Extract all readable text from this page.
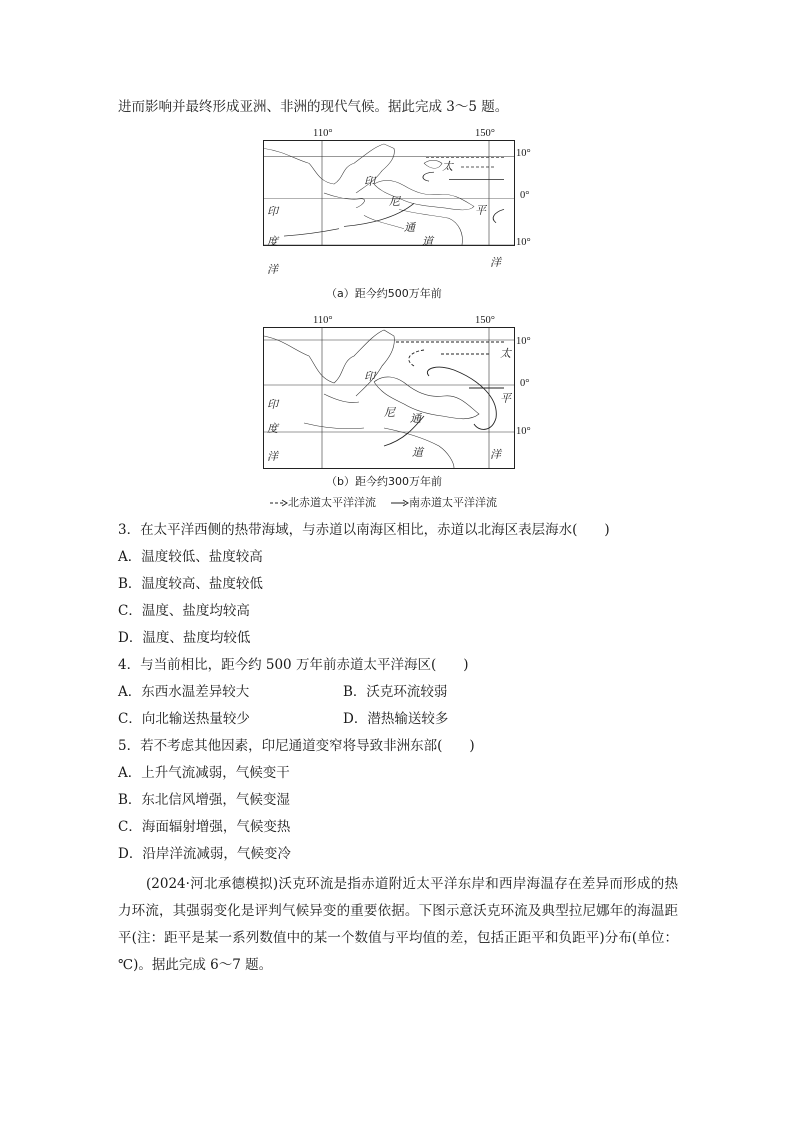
进而影响并最终形成亚洲、非洲的现代气候。据此完成 3～5 题。
110°	150°
太
印
尼
平
通
道
印
度
洋
洋
10°
0°
10°
（a）距今约500万年前
110°	150°
太
印
尼
平
通
道
印
度
洋	洋
10°
0°
10°
（b）距今约300万年前
北赤道太平洋洋流	南赤道太平洋洋流
3．在太平洋西侧的热带海域，与赤道以南海区相比，赤道以北海区表层海水(　　)
A．温度较低、盐度较高
B．温度较高、盐度较低
C．温度、盐度均较高
D．温度、盐度均较低
4．与当前相比，距今约 500 万年前赤道太平洋海区(　　)
A．东西水温差异较大	B．沃克环流较弱
C．向北输送热量较少	D．潜热输送较多
5．若不考虑其他因素，印尼通道变窄将导致非洲东部(　　)
A．上升气流减弱，气候变干
B．东北信风增强，气候变湿
C．海面辐射增强，气候变热
D．沿岸洋流减弱，气候变冷
(2024·河北承德模拟)沃克环流是指赤道附近太平洋东岸和西岸海温存在差异而形成的热力环流，其强弱变化是评判气候异变的重要依据。下图示意沃克环流及典型拉尼娜年的海温距平(注：距平是某一系列数值中的某一个数值与平均值的差，包括正距平和负距平)分布(单位：℃)。据此完成 6～7 题。
